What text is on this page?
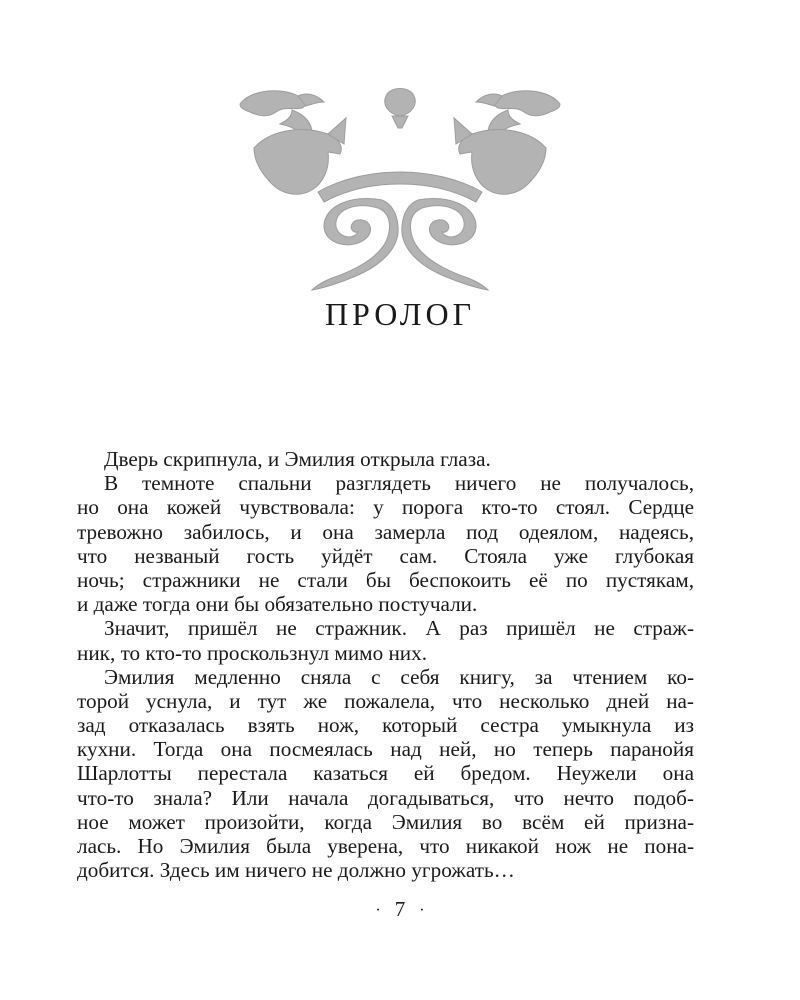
ПРОЛОГ
Дверь скрипнула, и Эмилия открыла глаза.
В темноте спальни разглядеть ничего не получалось,
но она кожей чувствовала: у порога кто-то стоял. Сердце
тревожно забилось, и она замерла под одеялом, надеясь,
что незваный гость уйдёт сам. Стояла уже глубокая
ночь; стражники не стали бы беспокоить её по пустякам,
и даже тогда они бы обязательно постучали.
Значит, пришёл не стражник. А раз пришёл не страж-
ник, то кто-то проскользнул мимо них.
Эмилия медленно сняла с себя книгу, за чтением ко-
торой уснула, и тут же пожалела, что несколько дней на-
зад отказалась взять нож, который сестра умыкнула из
кухни. Тогда она посмеялась над ней, но теперь паранойя
Шарлотты перестала казаться ей бредом. Неужели она
что-то знала? Или начала догадываться, что нечто подоб-
ное может произойти, когда Эмилия во всём ей призна-
лась. Но Эмилия была уверена, что никакой нож не пона-
добится. Здесь им ничего не должно угрожать…
· 7 ·
